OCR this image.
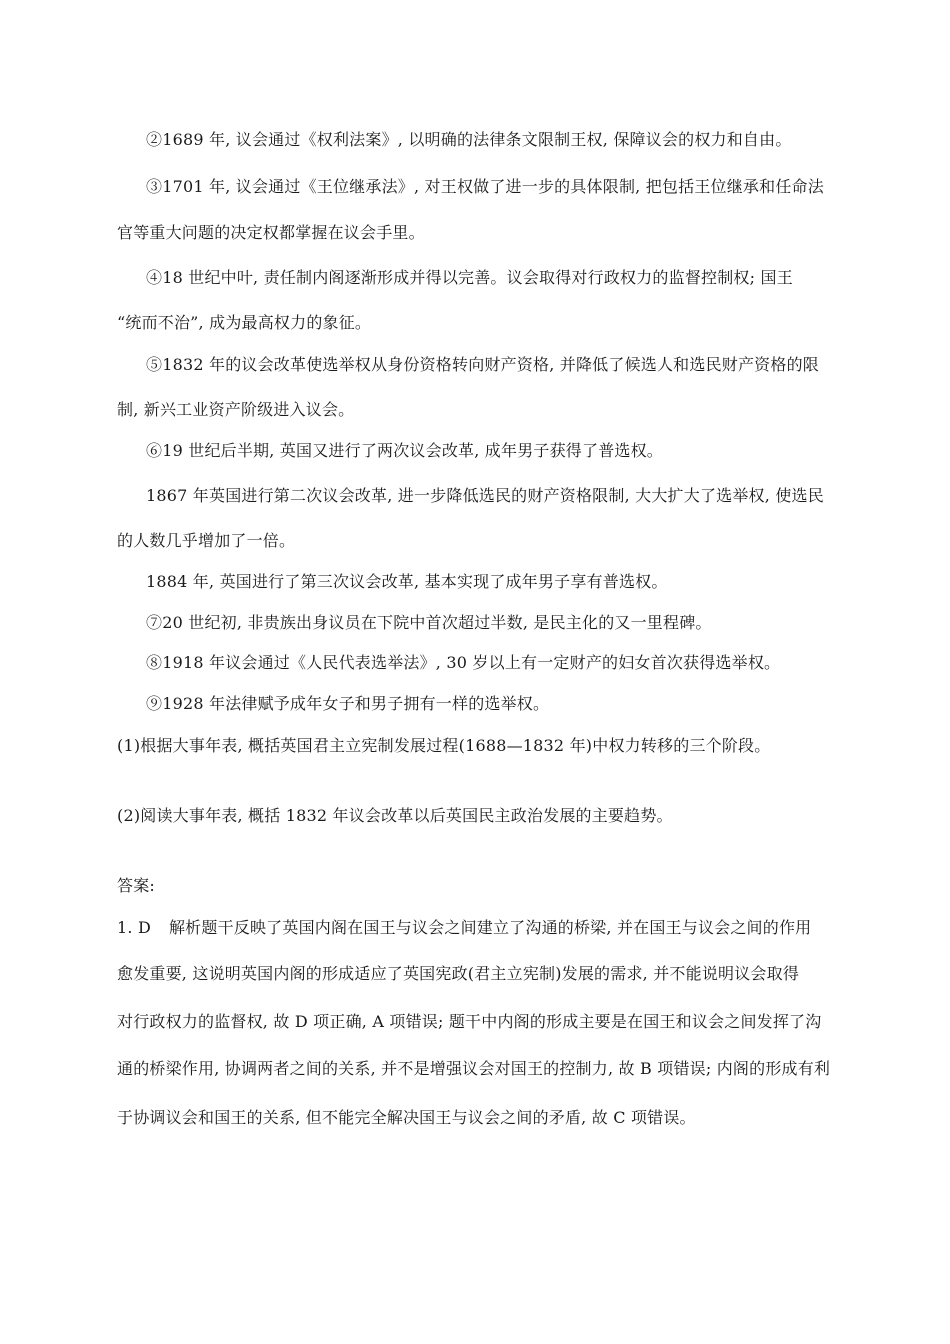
②1689 年, 议会通过《权利法案》, 以明确的法律条文限制王权, 保障议会的权力和自由。
③1701 年, 议会通过《王位继承法》, 对王权做了进一步的具体限制, 把包括王位继承和任命法
官等重大问题的决定权都掌握在议会手里。
④18 世纪中叶, 责任制内阁逐渐形成并得以完善。议会取得对行政权力的监督控制权; 国王
“统而不治”, 成为最高权力的象征。
⑤1832 年的议会改革使选举权从身份资格转向财产资格, 并降低了候选人和选民财产资格的限
制, 新兴工业资产阶级进入议会。
⑥19 世纪后半期, 英国又进行了两次议会改革, 成年男子获得了普选权。
1867 年英国进行第二次议会改革, 进一步降低选民的财产资格限制, 大大扩大了选举权, 使选民
的人数几乎增加了一倍。
1884 年, 英国进行了第三次议会改革, 基本实现了成年男子享有普选权。
⑦20 世纪初, 非贵族出身议员在下院中首次超过半数, 是民主化的又一里程碑。
⑧1918 年议会通过《人民代表选举法》, 30 岁以上有一定财产的妇女首次获得选举权。
⑨1928 年法律赋予成年女子和男子拥有一样的选举权。
(1)根据大事年表, 概括英国君主立宪制发展过程(1688—1832 年)中权力转移的三个阶段。
(2)阅读大事年表, 概括 1832 年议会改革以后英国民主政治发展的主要趋势。
答案:
1. D 解析题干反映了英国内阁在国王与议会之间建立了沟通的桥梁, 并在国王与议会之间的作用
愈发重要, 这说明英国内阁的形成适应了英国宪政(君主立宪制)发展的需求, 并不能说明议会取得
对行政权力的监督权, 故 D 项正确, A 项错误; 题干中内阁的形成主要是在国王和议会之间发挥了沟
通的桥梁作用, 协调两者之间的关系, 并不是增强议会对国王的控制力, 故 B 项错误; 内阁的形成有利
于协调议会和国王的关系, 但不能完全解决国王与议会之间的矛盾, 故 C 项错误。
